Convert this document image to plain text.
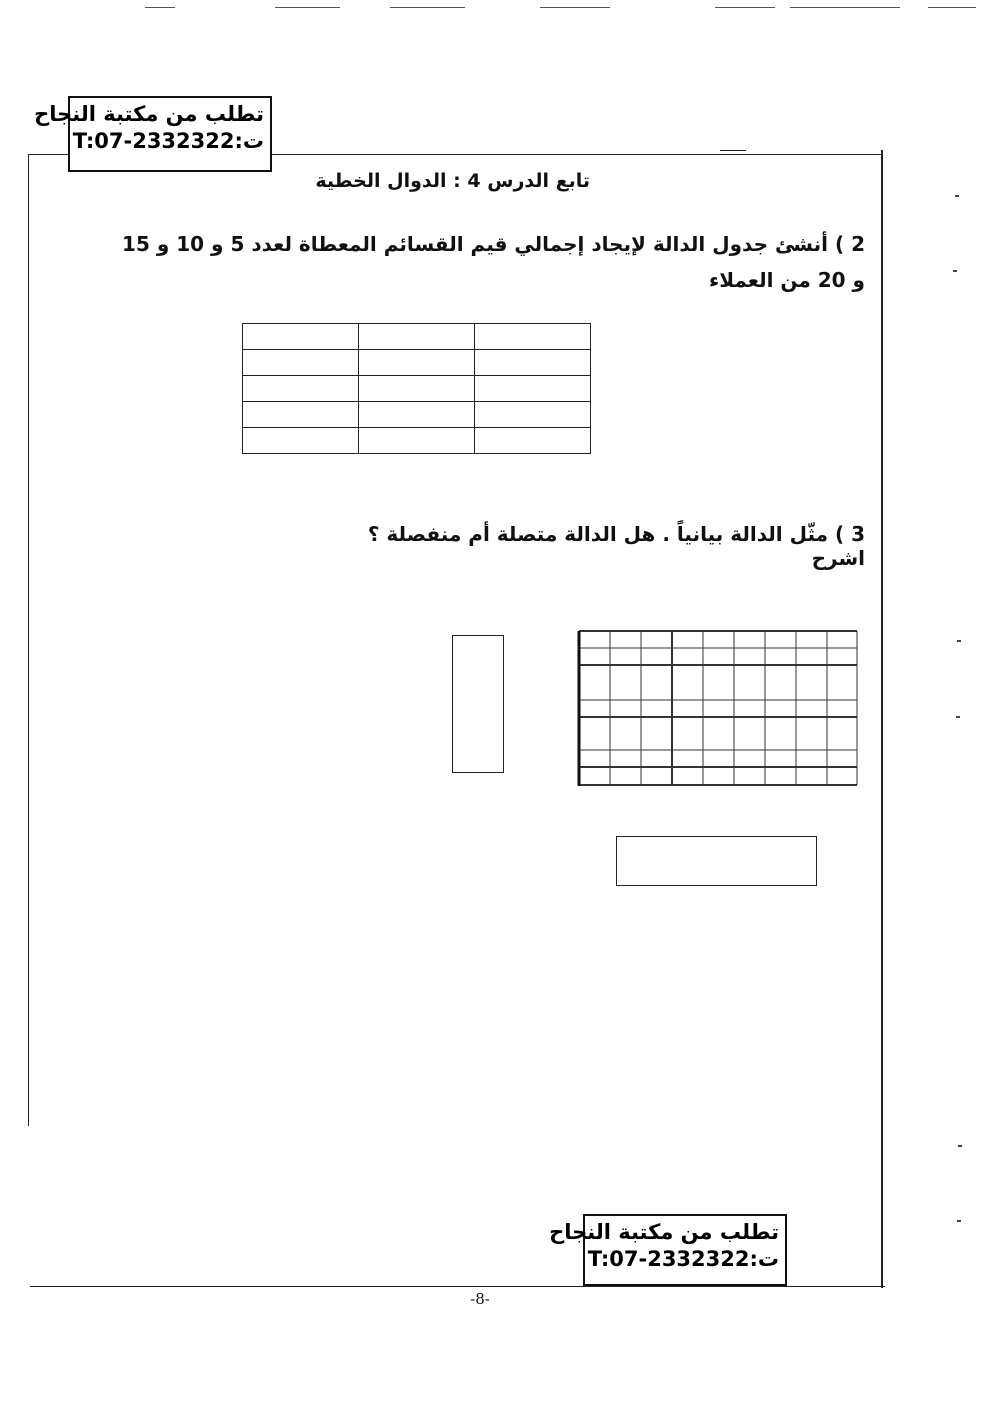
تطلب من مكتبة النجاح
ت:T:07-2332322
تابع الدرس 4 : الدوال الخطية
2 ) أنشئ جدول الدالة لإيجاد إجمالي قيم القسائم المعطاة لعدد 5 و 10 و 15 و 20 من العملاء

3 ) مثّل الدالة بيانياً . هل الدالة متصلة أم منفصلة ؟ اشرح
تطلب من مكتبة النجاح
ت:T:07-2332322
-8-
